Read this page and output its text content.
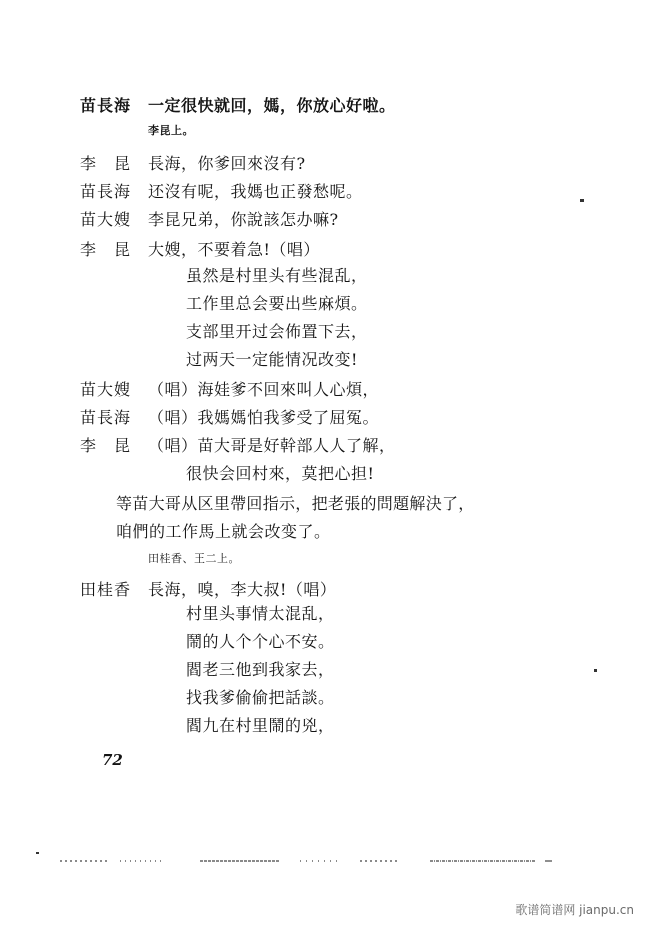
苗長海 一定很快就回，媽，你放心好啦。
李昆上。
李　昆 長海，你爹回來沒有?
苗長海 还沒有呢，我媽也正發愁呢。
苗大嫂 李昆兄弟，你說該怎办嘛?
李　昆 大嫂，不要着急!（唱）
虽然是村里头有些混乱，
工作里总会要出些麻煩。
支部里开过会佈置下去，
过两天一定能情况改变!
苗大嫂 （唱）海娃爹不回來叫人心煩，
苗長海 （唱）我媽媽怕我爹受了屈冤。
李　昆 （唱）苗大哥是好幹部人人了解，
很快会回村來，莫把心担!
等苗大哥从区里帶回指示，把老張的問題解決了，
咱們的工作馬上就会改变了。
田桂香、王二上。
田桂香 長海，嗅，李大叔!（唱）
村里头事情太混乱，
鬧的人个个心不安。
閻老三他到我家去，
找我爹偷偷把話談。
閻九在村里鬧的兇，
72
歌谱简谱网 jianpu.cn
